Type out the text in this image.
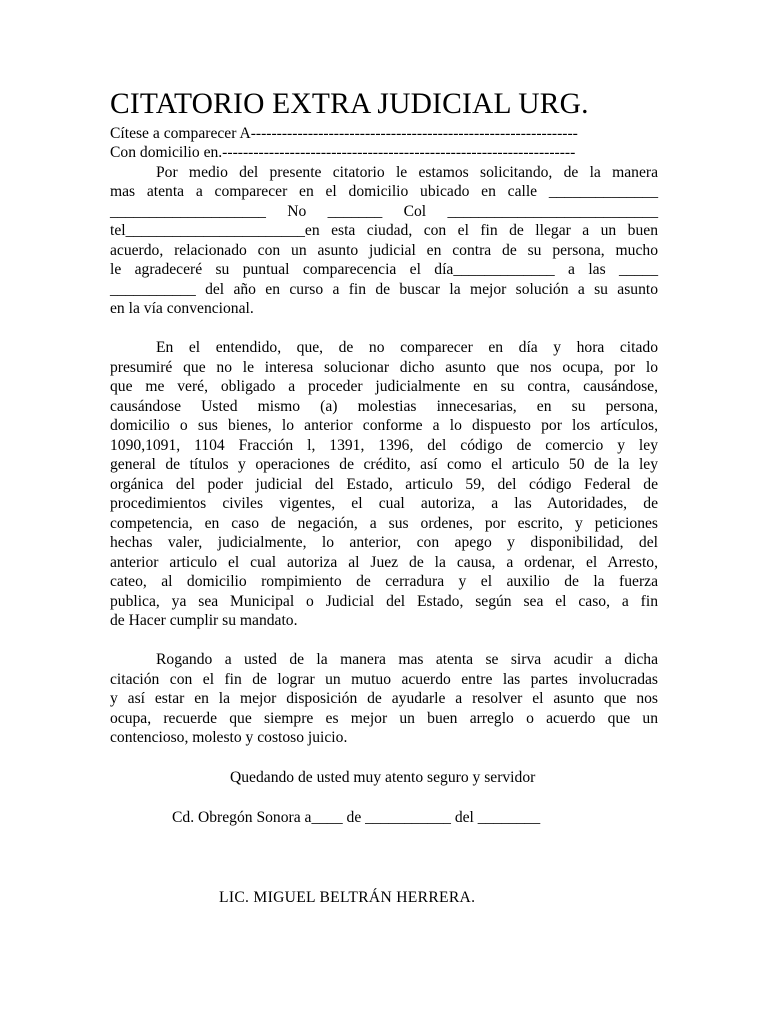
CITATORIO EXTRA JUDICIAL URG.
Cítese a comparecer A---------------------------------------------------------------
Con domicilio en.--------------------------------------------------------------------
Por medio del presente citatorio le estamos solicitando, de la manera
mas atenta a comparecer en el domicilio ubicado en calle ______________
____________________ No _______ Col ___________________________
tel_______________________en esta ciudad, con el fin de llegar a un buen
acuerdo, relacionado con un asunto judicial en contra de su persona, mucho
le agradeceré su puntual comparecencia el día_____________ a las _____
___________ del año en curso a fin de buscar la mejor solución a su asunto
en la vía convencional.
En el entendido, que, de no comparecer en día y hora citado
presumiré que no le interesa solucionar dicho asunto que nos ocupa, por lo
que me veré, obligado a proceder judicialmente en su contra, causándose,
causándose Usted mismo (a) molestias innecesarias, en su persona,
domicilio o sus bienes, lo anterior conforme a lo dispuesto por los artículos,
1090,1091, 1104 Fracción l, 1391, 1396, del código de comercio y ley
general de títulos y operaciones de crédito, así como el articulo 50 de la ley
orgánica del poder judicial del Estado, articulo 59, del código Federal de
procedimientos civiles vigentes, el cual autoriza, a las Autoridades, de
competencia, en caso de negación, a sus ordenes, por escrito, y peticiones
hechas valer, judicialmente, lo anterior, con apego y disponibilidad, del
anterior articulo el cual autoriza al Juez de la causa, a ordenar, el Arresto,
cateo, al domicilio rompimiento de cerradura y el auxilio de la fuerza
publica, ya sea Municipal o Judicial del Estado, según sea el caso, a fin
de Hacer cumplir su mandato.
Rogando a usted de la manera mas atenta se sirva acudir a dicha
citación con el fin de lograr un mutuo acuerdo entre las partes involucradas
y así estar en la mejor disposición de ayudarle a resolver el asunto que nos
ocupa, recuerde que siempre es mejor un buen arreglo o acuerdo que un
contencioso, molesto y costoso juicio.
Quedando de usted muy atento seguro y servidor
Cd. Obregón Sonora a____ de ___________ del ________
LIC. MIGUEL BELTRÁN HERRERA.
